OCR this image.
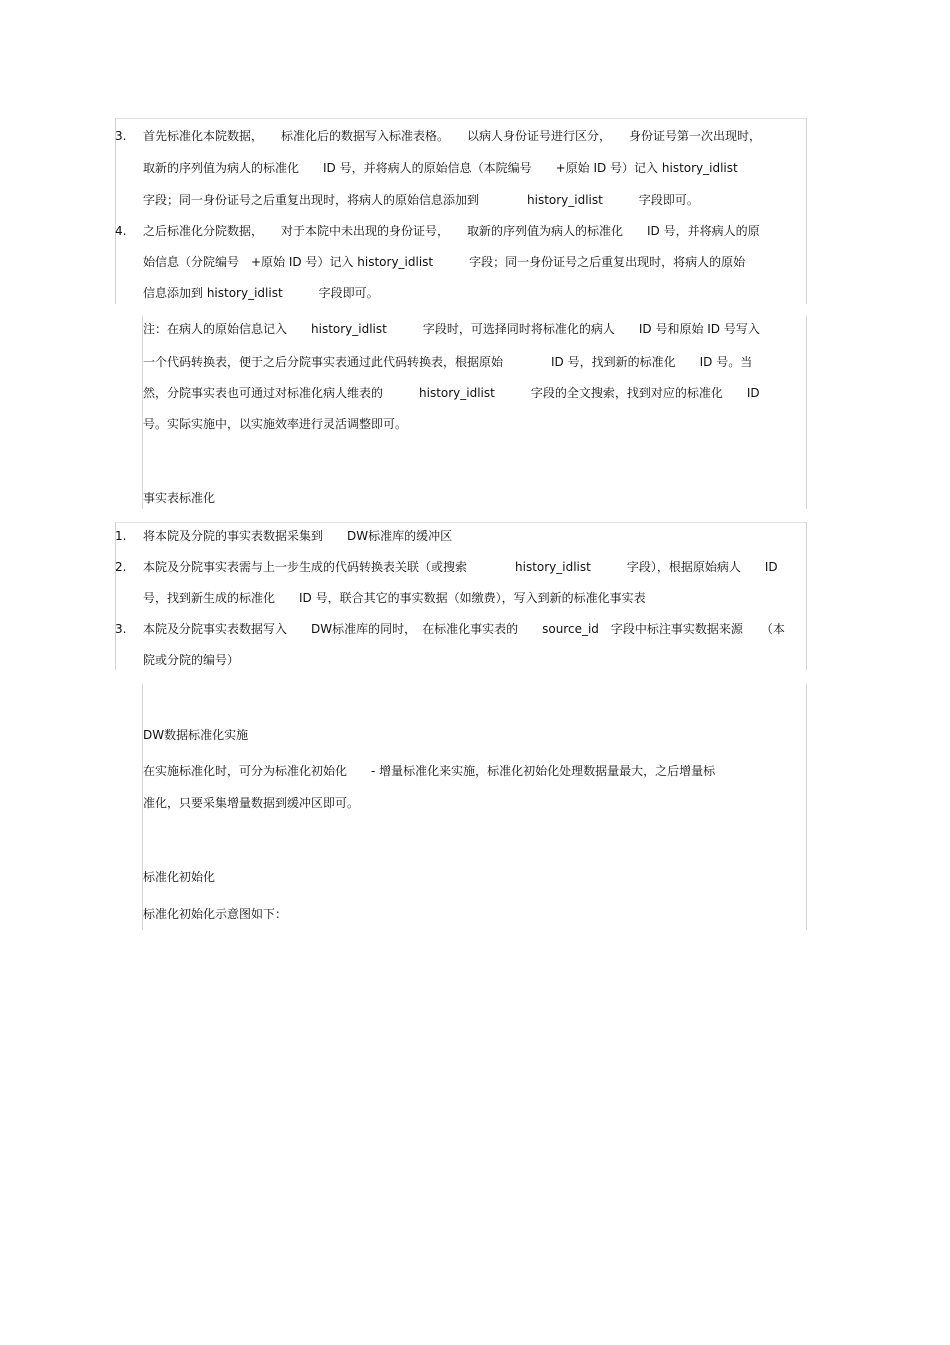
3. 首先标准化本院数据，　　标准化后的数据写入标准表格。　　以病人身份证号进行区分，　　身份证号第一次出现时，
取新的序列值为病人的标准化　　ID 号，并将病人的原始信息（本院编号　　+原始 ID 号）记入 history_idlist
字段；同一身份证号之后重复出现时，将病人的原始信息添加到　　　　history_idlist　　　字段即可。
4. 之后标准化分院数据，　　对于本院中未出现的身份证号，　　取新的序列值为病人的标准化　　ID 号，并将病人的原
始信息（分院编号　+原始 ID 号）记入 history_idlist　　　字段；同一身份证号之后重复出现时，将病人的原始
信息添加到 history_idlist　　　字段即可。
注：在病人的原始信息记入　　history_idlist　　　字段时，可选择同时将标准化的病人　　ID 号和原始 ID 号写入
一个代码转换表，便于之后分院事实表通过此代码转换表，根据原始　　　　ID 号，找到新的标准化　　ID 号。当
然，分院事实表也可通过对标准化病人维表的　　　history_idlist　　　字段的全文搜索，找到对应的标准化　　ID
号。实际实施中，以实施效率进行灵活调整即可。
事实表标准化
1. 将本院及分院的事实表数据采集到　　DW标准库的缓冲区
2. 本院及分院事实表需与上一步生成的代码转换表关联（或搜索　　　　history_idlist　　　字段），根据原始病人　　ID
号，找到新生成的标准化　　ID 号，联合其它的事实数据（如缴费），写入到新的标准化事实表
3. 本院及分院事实表数据写入　　DW标准库的同时，　在标准化事实表的　　source_id　字段中标注事实数据来源　　（本
院或分院的编号）
DW数据标准化实施
在实施标准化时，可分为标准化初始化　　- 增量标准化来实施，标准化初始化处理数据量最大，之后增量标
准化，只要采集增量数据到缓冲区即可。
标准化初始化
标准化初始化示意图如下：
